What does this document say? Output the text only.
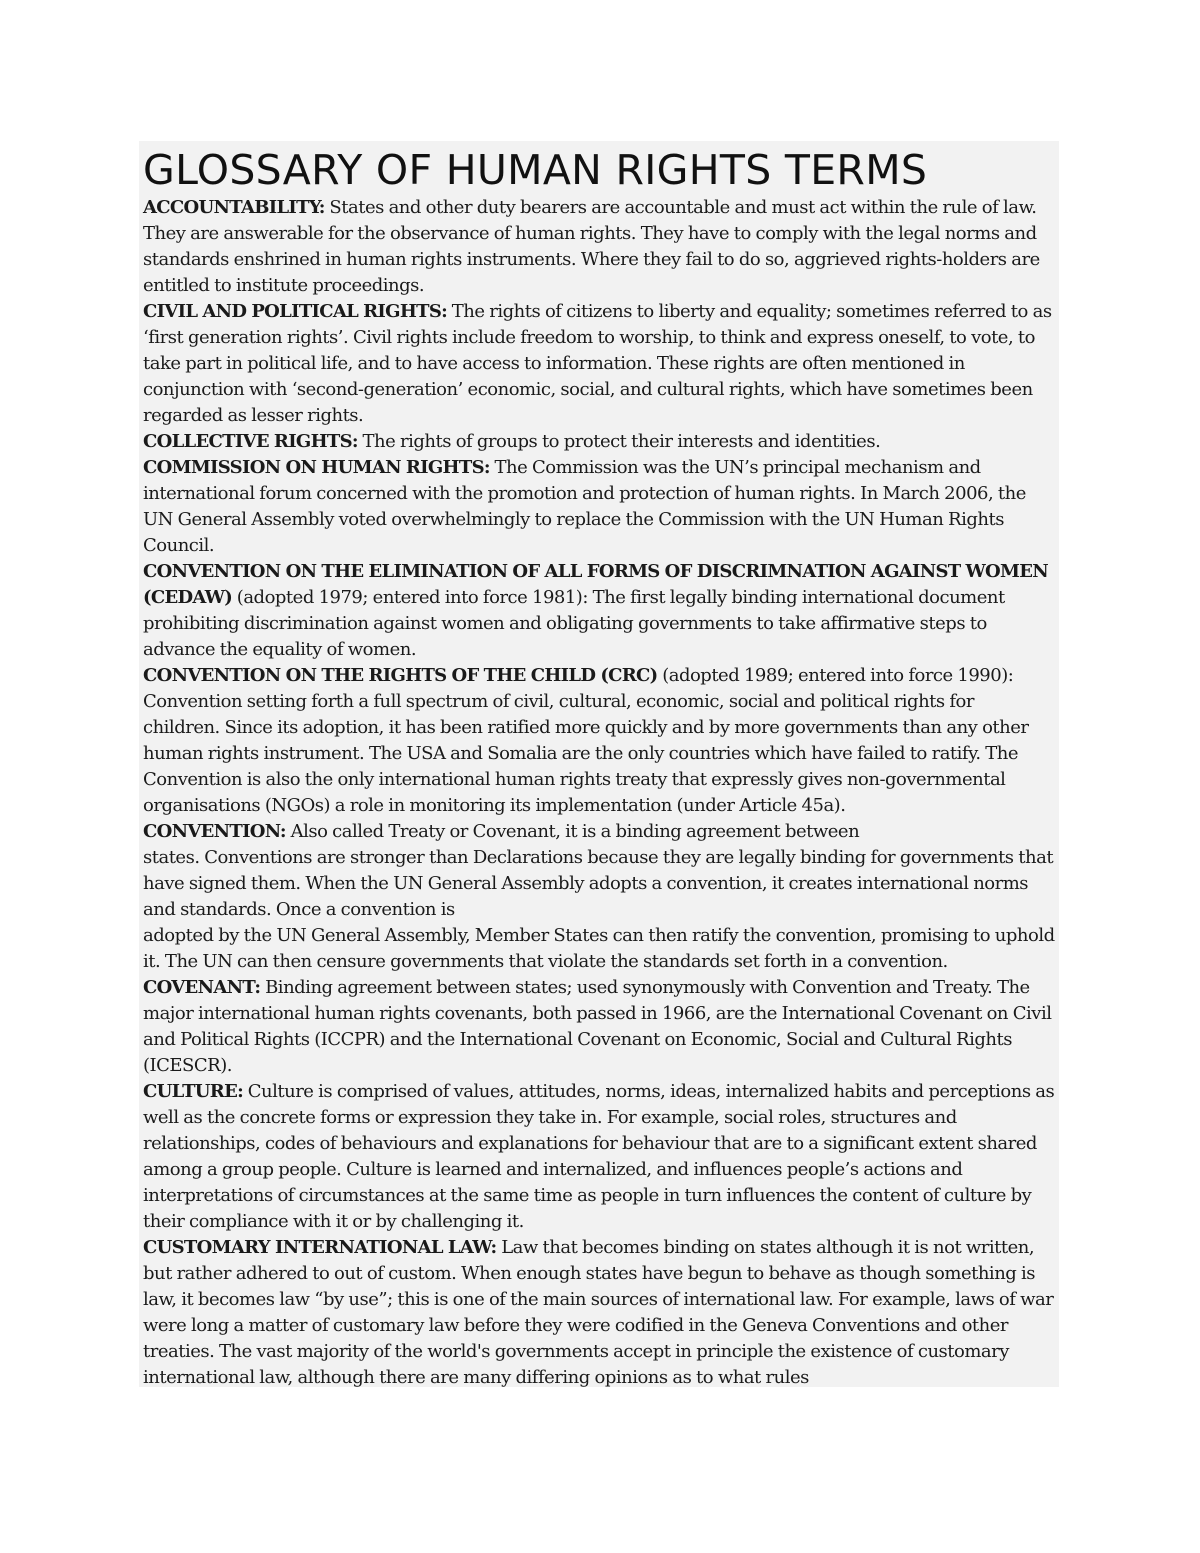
GLOSSARY OF HUMAN RIGHTS TERMS

ACCOUNTABILITY: States and other duty bearers are accountable and must act within the rule of law. They are answerable for the observance of human rights. They have to comply with the legal norms and standards enshrined in human rights instruments. Where they fail to do so, aggrieved rights-holders are entitled to institute proceedings.

CIVIL AND POLITICAL RIGHTS: The rights of citizens to liberty and equality; sometimes referred to as ‘first generation rights’. Civil rights include freedom to worship, to think and express oneself, to vote, to take part in political life, and to have access to information. These rights are often mentioned in conjunction with ‘second-generation’ economic, social, and cultural rights, which have sometimes been regarded as lesser rights.

COLLECTIVE RIGHTS: The rights of groups to protect their interests and identities.

COMMISSION ON HUMAN RIGHTS: The Commission was the UN’s principal mechanism and international forum concerned with the promotion and protection of human rights. In March 2006, the UN General Assembly voted overwhelmingly to replace the Commission with the UN Human Rights Council.

CONVENTION ON THE ELIMINATION OF ALL FORMS OF DISCRIMNATION AGAINST WOMEN (CEDAW) (adopted 1979; entered into force 1981): The first legally binding international document prohibiting discrimination against women and obligating governments to take affirmative steps to advance the equality of women.

CONVENTION ON THE RIGHTS OF THE CHILD (CRC) (adopted 1989; entered into force 1990): Convention setting forth a full spectrum of civil, cultural, economic, social and political rights for children. Since its adoption, it has been ratified more quickly and by more governments than any other human rights instrument. The USA and Somalia are the only countries which have failed to ratify. The Convention is also the only international human rights treaty that expressly gives non-governmental organisations (NGOs) a role in monitoring its implementation (under Article 45a).

CONVENTION: Also called Treaty or Covenant, it is a binding agreement between
states. Conventions are stronger than Declarations because they are legally binding for governments that have signed them. When the UN General Assembly adopts a convention, it creates international norms and standards. Once a convention is
adopted by the UN General Assembly, Member States can then ratify the convention, promising to uphold it. The UN can then censure governments that violate the standards set forth in a convention.

COVENANT: Binding agreement between states; used synonymously with Convention and Treaty. The major international human rights covenants, both passed in 1966, are the International Covenant on Civil and Political Rights (ICCPR) and the International Covenant on Economic, Social and Cultural Rights (ICESCR).

CULTURE: Culture is comprised of values, attitudes, norms, ideas, internalized habits and perceptions as well as the concrete forms or expression they take in. For example, social roles, structures and relationships, codes of behaviours and explanations for behaviour that are to a significant extent shared among a group people. Culture is learned and internalized, and influences people’s actions and interpretations of circumstances at the same time as people in turn influences the content of culture by their compliance with it or by challenging it.

CUSTOMARY INTERNATIONAL LAW: Law that becomes binding on states although it is not written, but rather adhered to out of custom. When enough states have begun to behave as though something is law, it becomes law “by use”; this is one of the main sources of international law. For example, laws of war were long a matter of customary law before they were codified in the Geneva Conventions and other treaties. The vast majority of the world's governments accept in principle the existence of customary international law, although there are many differing opinions as to what rules
